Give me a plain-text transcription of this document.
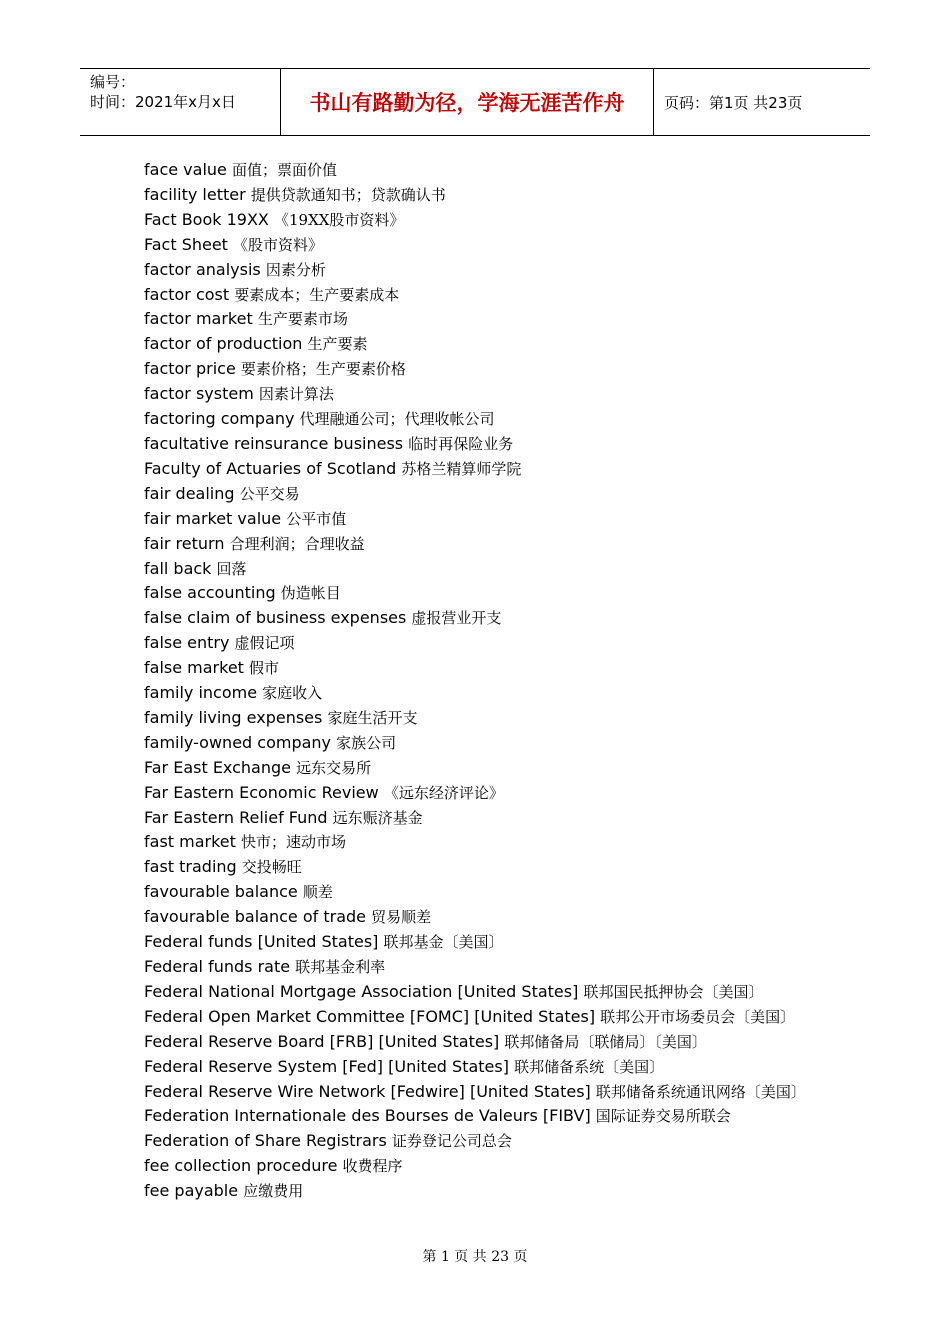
编号：
时间：2021年x月x日	书山有路勤为径，学海无涯苦作舟	页码：第1页 共23页
face value 面值；票面价值
facility letter 提供贷款通知书；贷款确认书
Fact Book 19XX 《19XX股市资料》
Fact Sheet 《股市资料》
factor analysis 因素分析
factor cost 要素成本；生产要素成本
factor market 生产要素市场
factor of production 生产要素
factor price 要素价格；生产要素价格
factor system 因素计算法
factoring company 代理融通公司；代理收帐公司
facultative reinsurance business 临时再保险业务
Faculty of Actuaries of Scotland 苏格兰精算师学院
fair dealing 公平交易
fair market value 公平市值
fair return 合理利润；合理收益
fall back 回落
false accounting 伪造帐目
false claim of business expenses 虚报营业开支
false entry 虚假记项
false market 假市
family income 家庭收入
family living expenses 家庭生活开支
family-owned company 家族公司
Far East Exchange 远东交易所
Far Eastern Economic Review 《远东经济评论》
Far Eastern Relief Fund 远东赈济基金
fast market 快市；速动市场
fast trading 交投畅旺
favourable balance 顺差
favourable balance of trade 贸易顺差
Federal funds [United States] 联邦基金〔美国〕
Federal funds rate 联邦基金利率
Federal National Mortgage Association [United States] 联邦国民抵押协会〔美国〕
Federal Open Market Committee [FOMC] [United States] 联邦公开市场委员会〔美国〕
Federal Reserve Board [FRB] [United States] 联邦储备局〔联储局〕〔美国〕
Federal Reserve System [Fed] [United States] 联邦储备系统〔美国〕
Federal Reserve Wire Network [Fedwire] [United States] 联邦储备系统通讯网络〔美国〕
Federation Internationale des Bourses de Valeurs [FIBV] 国际证券交易所联会
Federation of Share Registrars 证券登记公司总会
fee collection procedure 收费程序
fee payable 应缴费用
第 1 页 共 23 页
